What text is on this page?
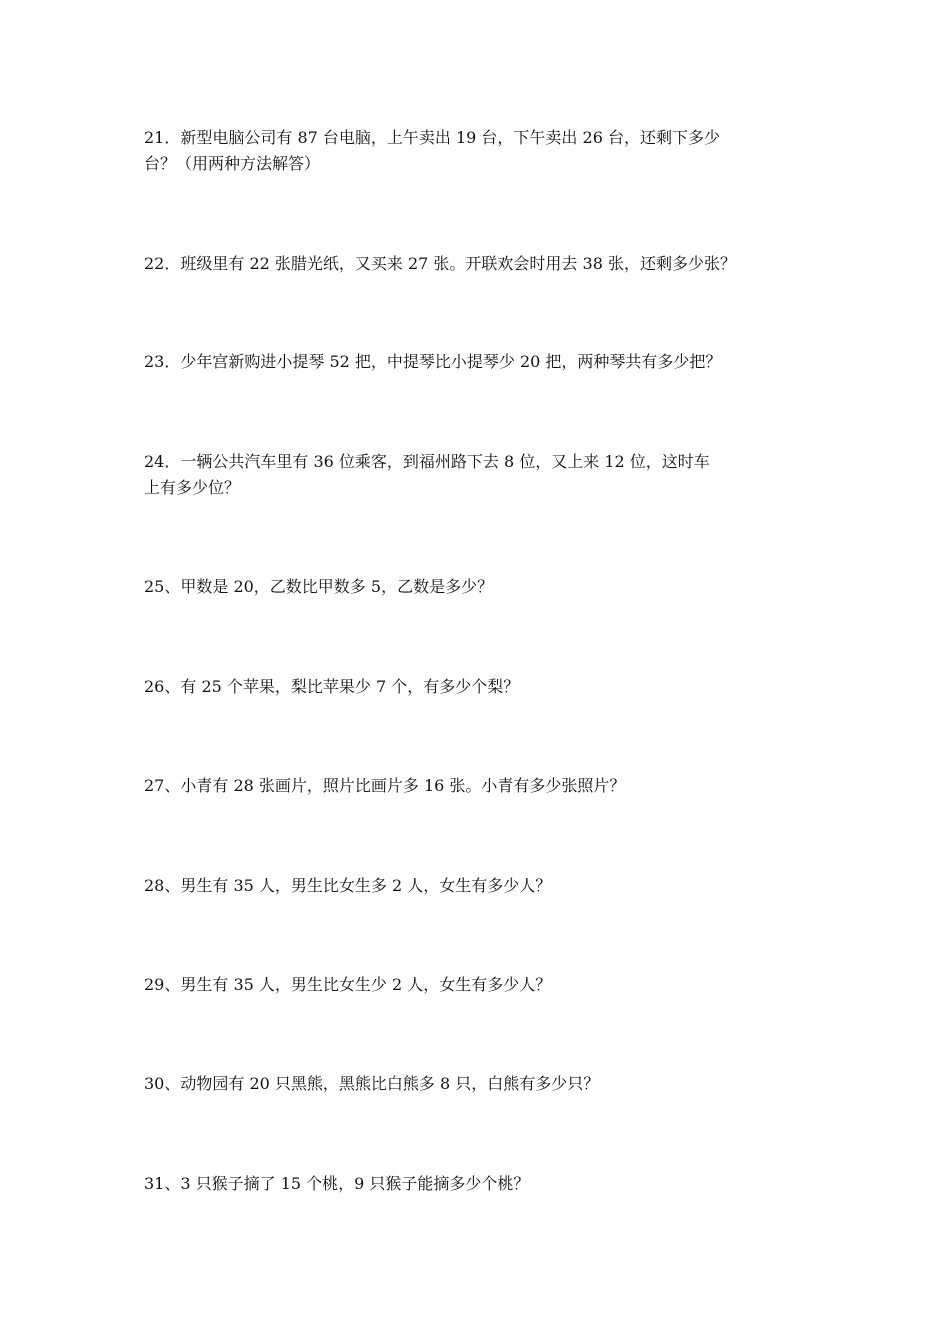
21．新型电脑公司有 87 台电脑，上午卖出 19 台，下午卖出 26 台，还剩下多少
台？（用两种方法解答）
22．班级里有 22 张腊光纸，又买来 27 张。开联欢会时用去 38 张，还剩多少张？
23．少年宫新购进小提琴 52 把，中提琴比小提琴少 20 把，两种琴共有多少把？
24．一辆公共汽车里有 36 位乘客，到福州路下去 8 位，又上来 12 位，这时车
上有多少位？
25、甲数是 20，乙数比甲数多 5，乙数是多少？
26、有 25 个苹果，梨比苹果少 7 个，有多少个梨？
27、小青有 28 张画片，照片比画片多 16 张。小青有多少张照片？
28、男生有 35 人，男生比女生多 2 人，女生有多少人？
29、男生有 35 人，男生比女生少 2 人，女生有多少人？
30、动物园有 20 只黑熊，黑熊比白熊多 8 只，白熊有多少只？
31、3 只猴子摘了 15 个桃，9 只猴子能摘多少个桃？
